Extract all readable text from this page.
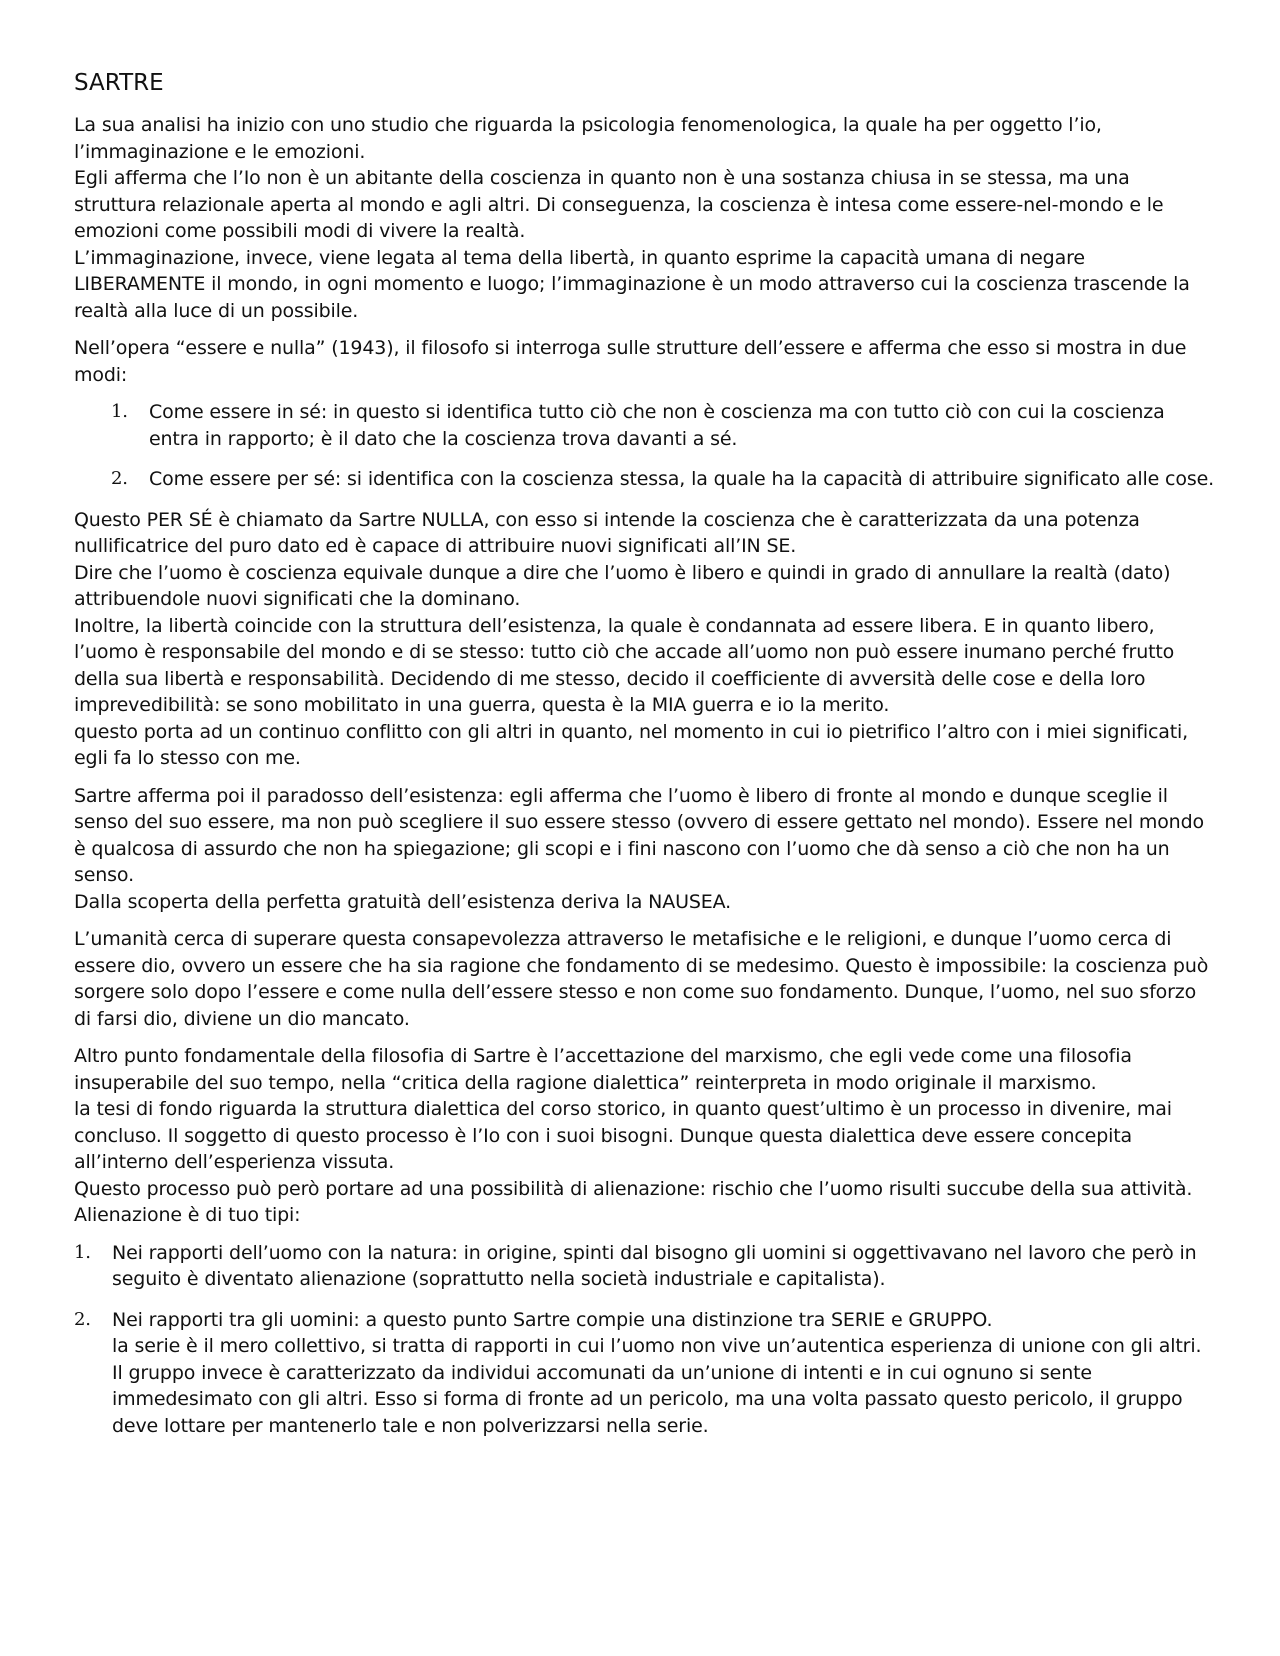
SARTRE

La sua analisi ha inizio con uno studio che riguarda la psicologia fenomenologica, la quale ha per oggetto l’io, l’immaginazione e le emozioni.

Egli afferma che l’Io non è un abitante della coscienza in quanto non è una sostanza chiusa in se stessa, ma una struttura relazionale aperta al mondo e agli altri. Di conseguenza, la coscienza è intesa come essere-nel-mondo e le emozioni come possibili modi di vivere la realtà.

L’immaginazione, invece, viene legata al tema della libertà, in quanto esprime la capacità umana di negare LIBERAMENTE il mondo, in ogni momento e luogo; l’immaginazione è un modo attraverso cui la coscienza trascende la realtà alla luce di un possibile.

Nell’opera “essere e nulla” (1943), il filosofo si interroga sulle strutture dell’essere e afferma che esso si mostra in due modi:

1. Come essere in sé: in questo si identifica tutto ciò che non è coscienza ma con tutto ciò con cui la coscienza entra in rapporto; è il dato che la coscienza trova davanti a sé.

2. Come essere per sé: si identifica con la coscienza stessa, la quale ha la capacità di attribuire significato alle cose.

Questo PER SÉ è chiamato da Sartre NULLA, con esso si intende la coscienza che è caratterizzata da una potenza nullificatrice del puro dato ed è capace di attribuire nuovi significati all’IN SE.

Dire che l’uomo è coscienza equivale dunque a dire che l’uomo è libero e quindi in grado di annullare la realtà (dato) attribuendole nuovi significati che la dominano.

Inoltre, la libertà coincide con la struttura dell’esistenza, la quale è condannata ad essere libera. E in quanto libero, l’uomo è responsabile del mondo e di se stesso: tutto ciò che accade all’uomo non può essere inumano perché frutto della sua libertà e responsabilità. Decidendo di me stesso, decido il coefficiente di avversità delle cose e della loro imprevedibilità: se sono mobilitato in una guerra, questa è la MIA guerra e io la merito.

questo porta ad un continuo conflitto con gli altri in quanto, nel momento in cui io pietrifico l’altro con i miei significati, egli fa lo stesso con me.

Sartre afferma poi il paradosso dell’esistenza: egli afferma che l’uomo è libero di fronte al mondo e dunque sceglie il senso del suo essere, ma non può scegliere il suo essere stesso (ovvero di essere gettato nel mondo). Essere nel mondo è qualcosa di assurdo che non ha spiegazione; gli scopi e i fini nascono con l’uomo che dà senso a ciò che non ha un senso.

Dalla scoperta della perfetta gratuità dell’esistenza deriva la NAUSEA.

L’umanità cerca di superare questa consapevolezza attraverso le metafisiche e le religioni, e dunque l’uomo cerca di essere dio, ovvero un essere che ha sia ragione che fondamento di se medesimo. Questo è impossibile: la coscienza può sorgere solo dopo l’essere e come nulla dell’essere stesso e non come suo fondamento. Dunque, l’uomo, nel suo sforzo di farsi dio, diviene un dio mancato.

Altro punto fondamentale della filosofia di Sartre è l’accettazione del marxismo, che egli vede come una filosofia insuperabile del suo tempo, nella “critica della ragione dialettica” reinterpreta in modo originale il marxismo.

la tesi di fondo riguarda la struttura dialettica del corso storico, in quanto quest’ultimo è un processo in divenire, mai concluso. Il soggetto di questo processo è l’Io con i suoi bisogni. Dunque questa dialettica deve essere concepita all’interno dell’esperienza vissuta.

Questo processo può però portare ad una possibilità di alienazione: rischio che l’uomo risulti succube della sua attività. Alienazione è di tuo tipi:

1. Nei rapporti dell’uomo con la natura: in origine, spinti dal bisogno gli uomini si oggettivavano nel lavoro che però in seguito è diventato alienazione (soprattutto nella società industriale e capitalista).

2. Nei rapporti tra gli uomini: a questo punto Sartre compie una distinzione tra SERIE e GRUPPO.

la serie è il mero collettivo, si tratta di rapporti in cui l’uomo non vive un’autentica esperienza di unione con gli altri. Il gruppo invece è caratterizzato da individui accomunati da un’unione di intenti e in cui ognuno si sente immedesimato con gli altri. Esso si forma di fronte ad un pericolo, ma una volta passato questo pericolo, il gruppo deve lottare per mantenerlo tale e non polverizzarsi nella serie.
